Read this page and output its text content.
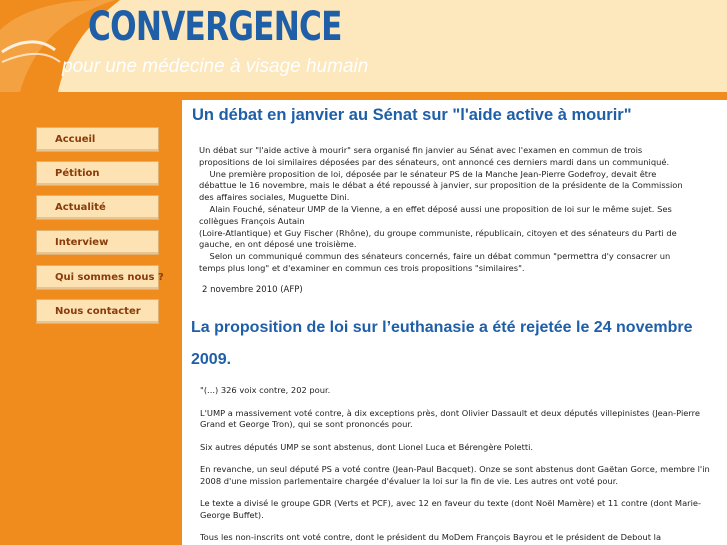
CONVERGENCE
pour une médecine à visage humain
Accueil
Pétition
Actualité
Interview
Qui sommes nous ?
Nous contacter
Un débat en janvier au Sénat sur "l'aide active à mourir"

Un débat sur "l'aide active à mourir" sera organisé fin janvier au Sénat avec l'examen en commun de trois

propositions de loi similaires déposées par des sénateurs, ont annoncé ces derniers mardi dans un communiqué.

Une première proposition de loi, déposée par le sénateur PS de la Manche Jean-Pierre Godefroy, devait être

débattue le 16 novembre, mais le débat a été repoussé à janvier, sur proposition de la présidente de la Commission

des affaires sociales, Muguette Dini.

Alain Fouché, sénateur UMP de la Vienne, a en effet déposé aussi une proposition de loi sur le même sujet. Ses

collègues François Autain

(Loire-Atlantique) et Guy Fischer (Rhône), du groupe communiste, républicain, citoyen et des sénateurs du Parti de

gauche, en ont déposé une troisième.

Selon un communiqué commun des sénateurs concernés, faire un débat commun "permettra d'y consacrer un

temps plus long" et d'examiner en commun ces trois propositions "similaires".

2 novembre 2010 (AFP)
La proposition de loi sur l’euthanasie a été rejetée le 24 novembre 2009.

"(...) 326 voix contre, 202 pour.

L'UMP a massivement voté contre, à dix exceptions près, dont Olivier Dassault et deux députés villepinistes (Jean-Pierre Grand et George Tron), qui se sont prononcés pour.

Six autres députés UMP se sont abstenus, dont Lionel Luca et Bérengère Poletti.

En revanche, un seul député PS a voté contre (Jean-Paul Bacquet). Onze se sont abstenus dont Gaëtan Gorce, membre l'in 2008 d'une mission parlementaire chargée d'évaluer la loi sur la fin de vie. Les autres ont voté pour.

Le texte a divisé le groupe GDR (Verts et PCF), avec 12 en faveur du texte (dont Noël Mamère) et 11 contre (dont Marie-George Buffet).

Tous les non-inscrits ont voté contre, dont le président du MoDem François Bayrou et le président de Debout la
